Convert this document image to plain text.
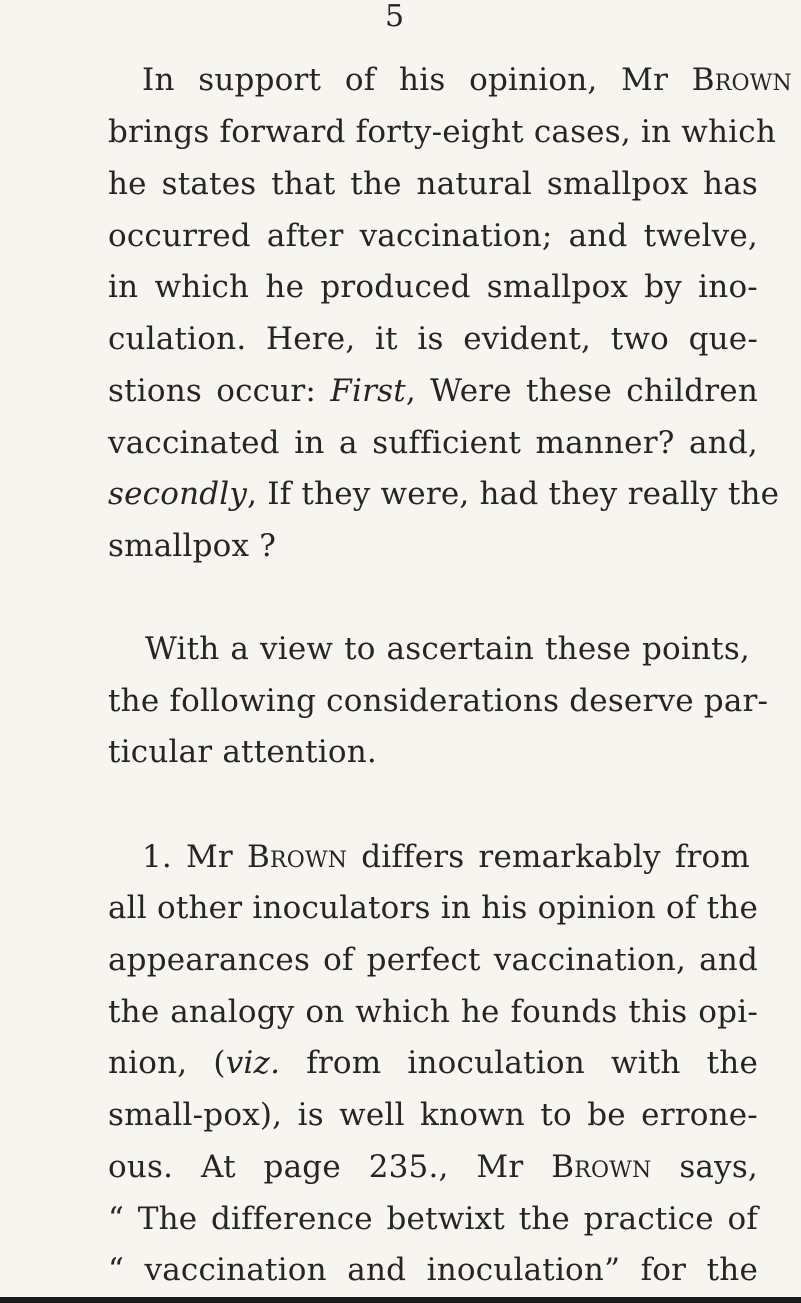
5
In support of his opinion, Mr Brown
brings forward forty-eight cases, in which
he states that the natural smallpox has
occurred after vaccination; and twelve,
in which he produced smallpox by ino-
culation. Here, it is evident, two que-
stions occur: First, Were these children
vaccinated in a sufficient manner? and,
secondly, If they were, had they really the
smallpox ?
With a view to ascertain these points,
the following considerations deserve par-
ticular attention.
1. Mr Brown differs remarkably from
all other inoculators in his opinion of the
appearances of perfect vaccination, and
the analogy on which he founds this opi-
nion, (viz. from inoculation with the
small-pox), is well known to be errone-
ous. At page 235., Mr Brown says,
“ The difference betwixt the practice of
“ vaccination and inoculation” for the
